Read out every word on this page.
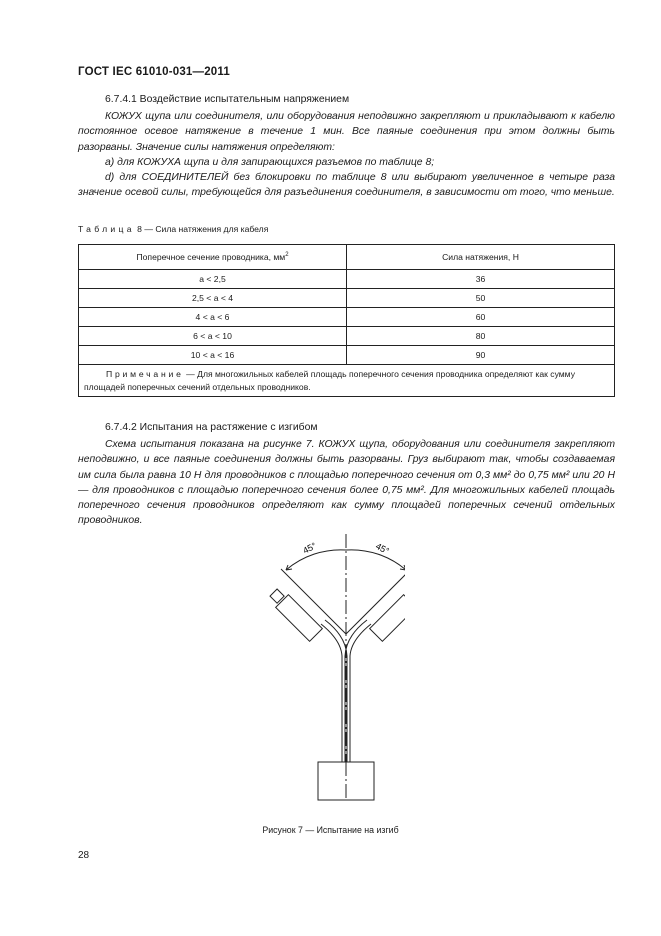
ГОСТ IEC 61010-031—2011
6.7.4.1 Воздействие испытательным напряжением
КОЖУХ щупа или соединителя, или оборудования неподвижно закрепляют и прикладывают к кабелю постоянное осевое натяжение в течение 1 мин. Все паяные соединения при этом должны быть разорваны. Значение силы натяжения определяют:
a) для КОЖУХА щупа и для запирающихся разъемов по таблице 8;
d) для СОЕДИНИТЕЛЕЙ без блокировки по таблице 8 или выбирают увеличенное в четыре раза значение осевой силы, требующейся для разъединения соединителя, в зависимости от того, что меньше.
Таблица 8 — Сила натяжения для кабеля
Поперечное сечение проводника, $мм^2$	Сила натяжения, Н
a < 2,5	36
2,5 < a < 4	50
4 < a < 6	60
6 < a < 10	80
10 < a < 16	90
Примечание — Для многожильных кабелей площадь поперечного сечения проводника определяют как сумму площадей поперечных сечений отдельных проводников.	
6.7.4.2 Испытания на растяжение с изгибом
Схема испытания показана на рисунке 7. КОЖУХ щупа, оборудования или соединителя закрепляют неподвижно, и все паяные соединения должны быть разорваны. Груз выбирают так, чтобы создаваемая им сила была равна 10 Н для проводников с площадью поперечного сечения от 0,3 мм² до 0,75 мм² или 20 Н — для проводников с площадью поперечного сечения более 0,75 мм². Для многожильных кабелей площадь поперечного сечения проводников определяют как сумму площадей поперечных сечений отдельных проводников.
45°	45°
Рисунок 7 — Испытание на изгиб
28
